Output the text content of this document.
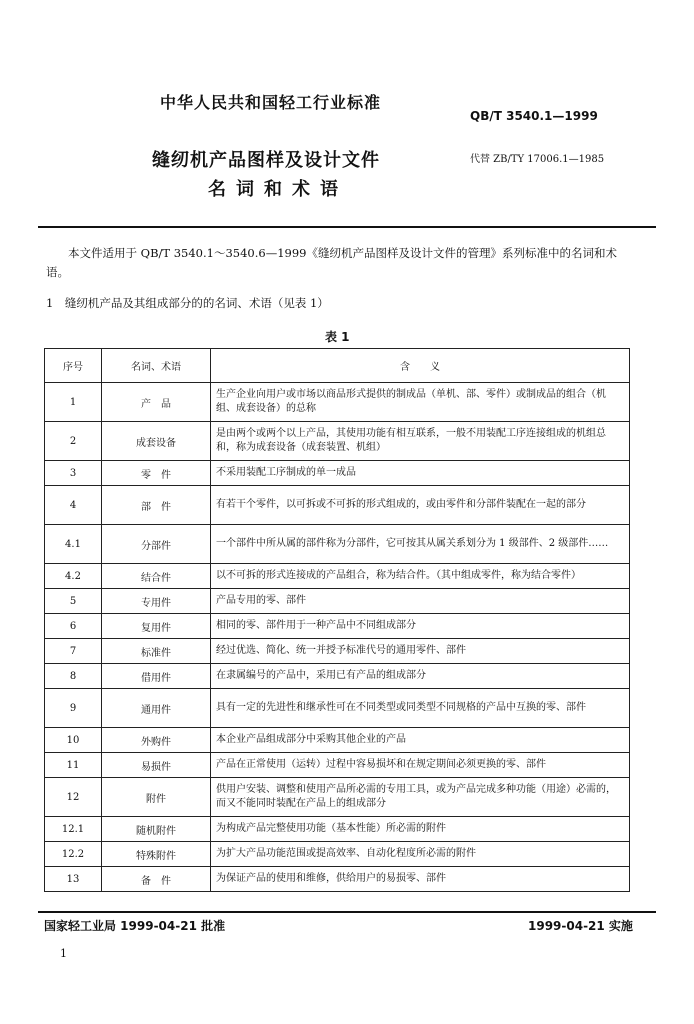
中华人民共和国轻工行业标准
QB/T 3540.1—1999
缝纫机产品图样及设计文件	代替 ZB/TY 17006.1—1985
名词和术语
本文件适用于 QB/T 3540.1～3540.6—1999《缝纫机产品图样及设计文件的管理》系列标准中的名词和术语。
1　缝纫机产品及其组成部分的的名词、术语（见表 1）
表 1
序号	名词、术语	含　　义
1	产　品	生产企业向用户或市场以商品形式提供的制成品（单机、部、零件）或制成品的组合（机组、成套设备）的总称
2	成套设备	是由两个或两个以上产品，其使用功能有相互联系，一般不用装配工序连接组成的机组总和，称为成套设备（成套装置、机组）
3	零　件	不采用装配工序制成的单一成品
4	部　件	有若干个零件，以可拆或不可拆的形式组成的，或由零件和分部件装配在一起的部分
4.1	分部件	一个部件中所从属的部件称为分部件，它可按其从属关系划分为 1 级部件、2 级部件……
4.2	结合件	以不可拆的形式连接成的产品组合，称为结合件。（其中组成零件，称为结合零件）
5	专用件	产品专用的零、部件
6	复用件	相同的零、部件用于一种产品中不同组成部分
7	标准件	经过优选、简化、统一并授予标准代号的通用零件、部件
8	借用件	在隶属编号的产品中，采用已有产品的组成部分
9	通用件	具有一定的先进性和继承性可在不同类型或同类型不同规格的产品中互换的零、部件
10	外购件	本企业产品组成部分中采购其他企业的产品
11	易损件	产品在正常使用（运转）过程中容易损坏和在规定期间必须更换的零、部件
12	附件	供用户安装、调整和使用产品所必需的专用工具，或为产品完成多种功能（用途）必需的，而又不能同时装配在产品上的组成部分
12.1	随机附件	为构成产品完整使用功能（基本性能）所必需的附件
12.2	特殊附件	为扩大产品功能范围或提高效率、自动化程度所必需的附件
13	备　件	为保证产品的使用和维修，供给用户的易损零、部件
国家轻工业局 1999-04-21 批准	1999-04-21 实施
1
